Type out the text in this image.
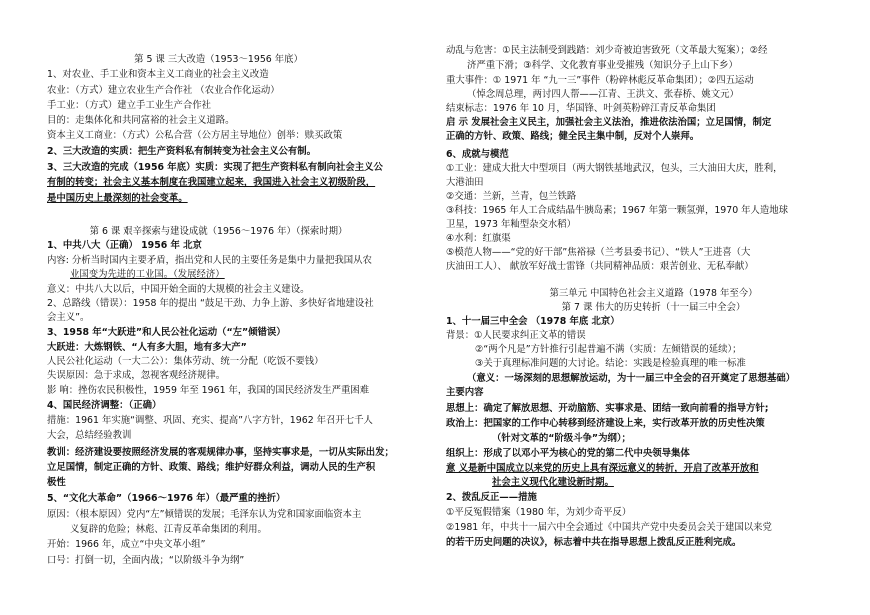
第 5 课 三大改造（1953～1956 年底）
1、对农业、手工业和资本主义工商业的社会主义改造
农业：（方式）建立农业生产合作社 （农业合作化运动）
手工业：（方式）建立手工业生产合作社
目的：走集体化和共同富裕的社会主义道路。
资本主义工商业：（方式）公私合营（公方居主导地位）创举：赎买政策
2、三大改造的实质：把生产资料私有制转变为社会主义公有制。
3、三大改造的完成（1956 年底）实质：实现了把生产资料私有制向社会主义公
有制的转变；社会主义基本制度在我国建立起来，我国进入社会主义初级阶段，
是中国历史上最深刻的社会变革。
第 6 课 艰辛探索与建设成就（1956～1976 年）（探索时期）
1、中共八大（正确） 1956 年 北京
内容: 分析当时国内主要矛盾，指出党和人民的主要任务是集中力量把我国从农
业国变为先进的工业国。（发展经济）
意义：中共八大以后，中国开始全面的大规模的社会主义建设。
2、总路线（错误）：1958 年的提出 “鼓足干劲、力争上游、多快好省地建设社
会主义”。
3、1958 年“大跃进”和人民公社化运动（“左”倾错误）
大跃进：大炼钢铁、“人有多大胆，地有多大产”
人民公社化运动（一大二公）：集体劳动、统一分配（吃饭不要钱）
失误原因：急于求成，忽视客观经济规律。
影 响：挫伤农民积极性，1959 年至 1961 年，我国的国民经济发生严重困难
4、国民经济调整：（正确）
措施：1961 年实施“调整、巩固、充实、提高”八字方针，1962 年召开七千人
大会，总结经验教训
教训：经济建设要按照经济发展的客观规律办事，坚持实事求是，一切从实际出发；
立足国情，制定正确的方针、政策、路线；维护好群众利益，调动人民的生产积
极性
5、“文化大革命”（1966～1976 年）（最严重的挫折）
原因：（根本原因）党内“左”倾错误的发展；毛泽东认为党和国家面临资本主
义复辟的危险；林彪、江青反革命集团的利用。
开始：1966 年，成立“中央文革小组”
口号：打倒一切，全面内战；“以阶级斗争为纲”
动乱与危害：①民主法制受到践踏：刘少奇被迫害致死（文革最大冤案）；②经
济严重下滑；③科学、文化教育事业受摧残（知识分子上山下乡）
重大事件：① 1971 年 “九一三”事件（粉碎林彪反革命集团）；②四五运动
（悼念周总理，两讨四人帮——江青、王洪文、张春桥、姚文元）
结束标志：1976 年 10 月，华国锋、叶剑英粉碎江青反革命集团
启 示 发展社会主义民主，加强社会主义法治，推进依法治国；立足国情，制定
正确的方针、政策、路线；健全民主集中制，反对个人崇拜。
6、成就与模范
①工业：建成大批大中型项目（两大钢铁基地武汉，包头，三大油田大庆，胜利，
大港油田
②交通：兰新，兰青，包兰铁路
③科技：1965 年人工合成结晶牛胰岛素；1967 年第一颗氢弹，1970 年人造地球
卫星，1973 年籼型杂交水稻）
④水利：红旗渠
⑤模范人物——“党的好干部”焦裕禄（兰考县委书记）、“铁人”王进喜（大
庆油田工人）、 献放军好战士雷锋（共同精神品质：艰苦创业、无私奉献）
第三单元 中国特色社会主义道路（1978 年至今）
第 7 课 伟大的历史转折（十一届三中全会）
1、十一届三中全会 （1978 年底 北京）
背景：①人民要求纠正文革的错误
②“两个凡是”方针推行引起普遍不满（实质：左倾错误的延续）；
③关于真理标准问题的大讨论。结论：实践是检验真理的唯一标准
（意义：一场深刻的思想解放运动，为十一届三中全会的召开奠定了思想基础）
主要内容
思想上：确定了解放思想、开动脑筋、实事求是、团结一致向前看的指导方针;
政治上：把国家的工作中心转移到经济建设上来，实行改革开放的历史性决策
（针对文革的“阶级斗争”为纲）；
组织上：形成了以邓小平为核心的党的第二代中央领导集体
意 义是新中国成立以来党的历史上具有深远意义的转折，开启了改革开放和
社会主义现代化建设新时期。
2、拨乱反正——措施
①平反冤假错案（1980 年，为刘少奇平反）
②1981 年，中共十一届六中全会通过《中国共产党中央委员会关于建国以来党
的若干历史问题的决议》，标志着中共在指导思想上拨乱反正胜利完成。
